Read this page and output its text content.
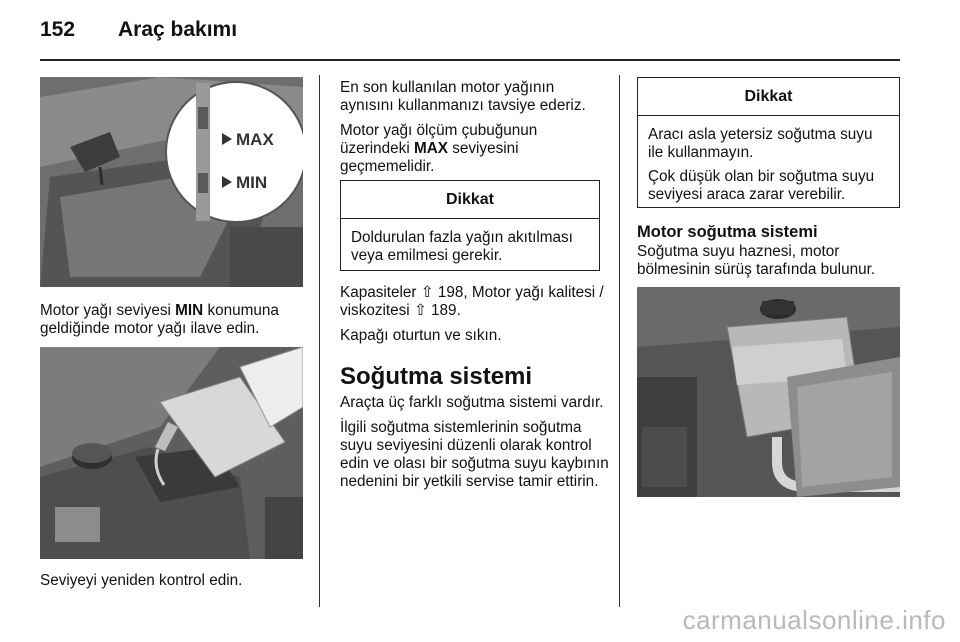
152	Araç bakımı
MAX
MIN
Motor yağı seviyesi MIN konumuna geldiğinde motor yağı ilave edin.
Seviyeyi yeniden kontrol edin.

En son kullanılan motor yağının aynısını kullanmanızı tavsiye ederiz.

Motor yağı ölçüm çubuğunun üzerindeki MAX seviyesini geçmemelidir.

Dikkat

Doldurulan fazla yağın akıtılması veya emilmesi gerekir.

Kapasiteler ⇧ 198, Motor yağı kalitesi / viskozitesi ⇧ 189.

Kapağı oturtun ve sıkın.

Soğutma sistemi

Araçta üç farklı soğutma sistemi vardır.

İlgili soğutma sistemlerinin soğutma suyu seviyesini düzenli olarak kontrol edin ve olası bir soğutma suyu kaybının nedenini bir yetkili servise tamir ettirin.

Dikkat

Aracı asla yetersiz soğutma suyu ile kullanmayın.

Çok düşük olan bir soğutma suyu seviyesi araca zarar verebilir.

Motor soğutma sistemi
Soğutma suyu haznesi, motor bölmesinin sürüş tarafında bulunur.
carmanualsonline.info
